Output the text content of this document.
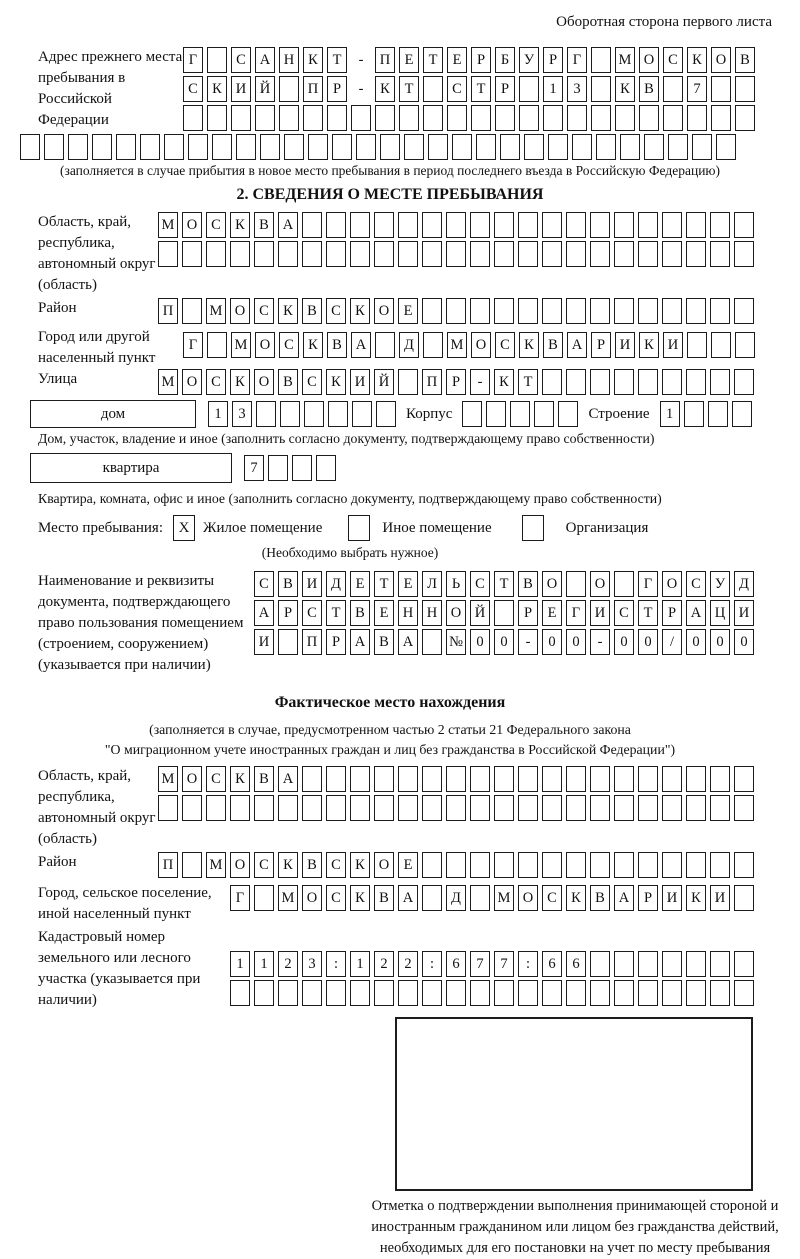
Оборотная сторона первого листа
Адрес прежнего места пребывания в Российской Федерации
Г	С А Н К	Т	-	П Е	Т	Е	Р	Б	У	Р	Г	М О С К О В
С К И Й	П	Р	-	К	Т	С	Т	Р	1	3	К В	7
(заполняется в случае прибытия в новое место пребывания в период последнего въезда в Российскую Федерацию)
2. СВЕДЕНИЯ О МЕСТЕ ПРЕБЫВАНИЯ
Область, край, республика, автономный округ (область)
М О С К В А
Район	П	М О С К В С К О Е
Город или другой населенный пункт
Г	М О С К В А	Д	М О С К В А	Р	И К И
Улица	М О С К О В С К И Й	П	Р	-	К	Т
дом	1	3	Корпус	Строение	1
Дом, участок, владение и иное (заполнить согласно документу, подтверждающему право собственности)
квартира	7
Квартира, комната, офис и иное (заполнить согласно документу, подтверждающему право собственности)
Место пребывания:	X Жилое помещение	Иное помещение	Организация
(Необходимо выбрать нужное)
Наименование и реквизиты документа, подтверждающего право пользования помещением (строением, сооружением) (указывается при наличии)
С В И Д	Е	Т	Е	Л	Ь	С	Т	В О	О	Г	О С У Д
А	Р	С	Т	В	Е Н Н О Й	Р	Е	Г	И С	Т	Р	А Ц И
И	П	Р	А В А	№ 0	0	-	0	0	-	0	0	/	0	0	0
Фактическое место нахождения
(заполняется в случае, предусмотренном частью 2 статьи 21 Федерального закона
"О миграционном учете иностранных граждан и лиц без гражданства в Российской Федерации")
Область, край, республика, автономный округ (область)
М О С К В А
Район	П	М О С К В С К О Е
Город, сельское поселение, иной населенный пункт
Г	М О С К В А	Д	М О С К В А	Р	И К И
Кадастровый номер земельного или лесного участка (указывается при наличии)
1	1	2	3	:	1	2	2	:	6	7	7	:	6	6
Отметка о подтверждении выполнения принимающей стороной и иностранным гражданином или лицом без гражданства действий, необходимых для его постановки на учет по месту пребывания
